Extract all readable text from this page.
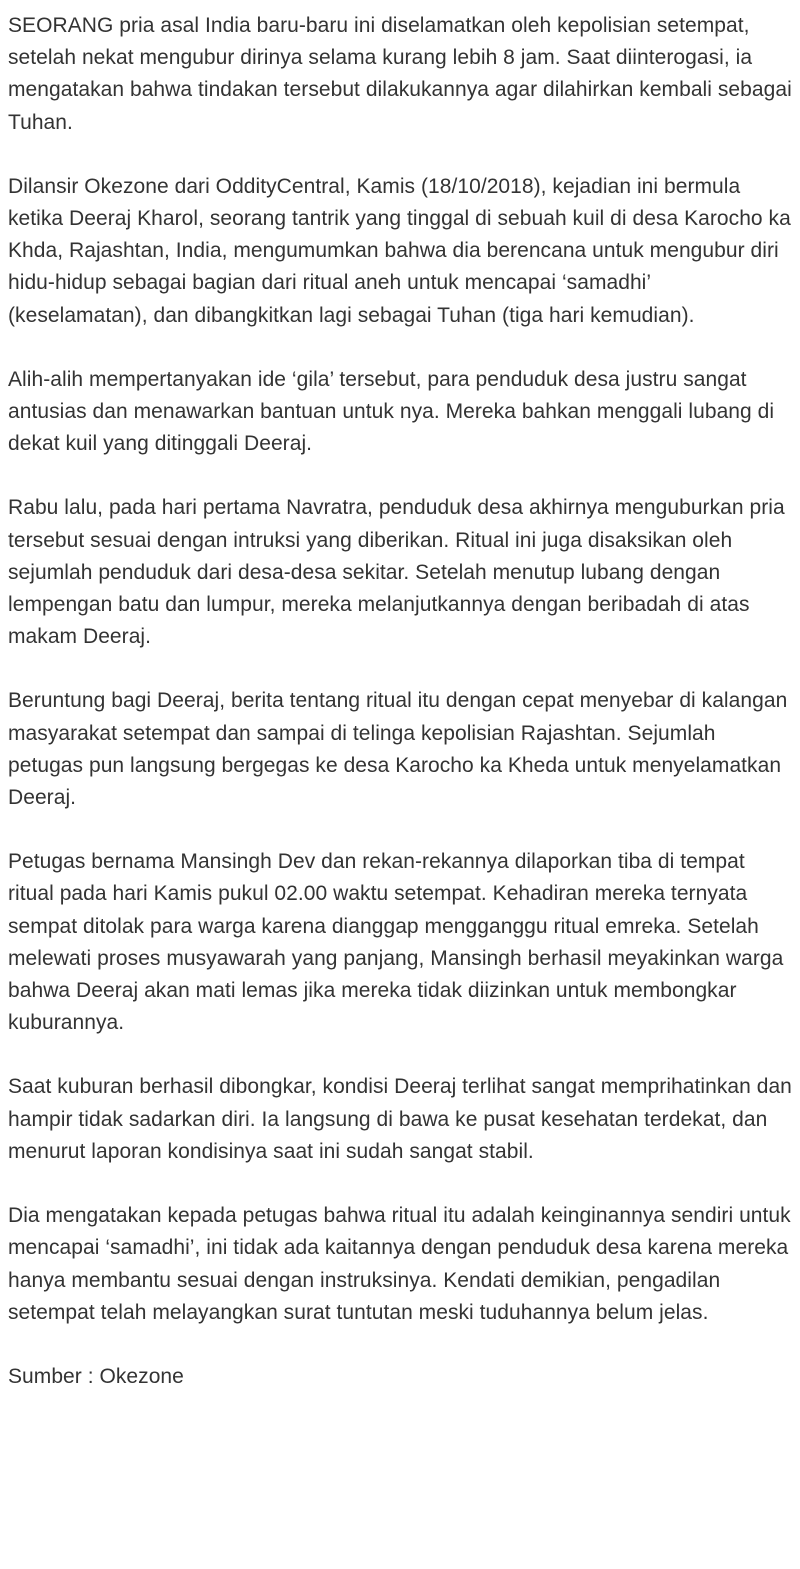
SEORANG pria asal India baru-baru ini diselamatkan oleh kepolisian setempat, setelah nekat mengubur dirinya selama kurang lebih 8 jam. Saat diinterogasi, ia mengatakan bahwa tindakan tersebut dilakukannya agar dilahirkan kembali sebagai Tuhan.

Dilansir Okezone dari OddityCentral, Kamis (18/10/2018), kejadian ini bermula ketika Deeraj Kharol, seorang tantrik yang tinggal di sebuah kuil di desa Karocho ka Khda, Rajashtan, India, mengumumkan bahwa dia berencana untuk mengubur diri hidu-hidup sebagai bagian dari ritual aneh untuk mencapai ‘samadhi’ (keselamatan), dan dibangkitkan lagi sebagai Tuhan (tiga hari kemudian).

Alih-alih mempertanyakan ide ‘gila’ tersebut, para penduduk desa justru sangat antusias dan menawarkan bantuan untuk nya. Mereka bahkan menggali lubang di dekat kuil yang ditinggali Deeraj.

Rabu lalu, pada hari pertama Navratra, penduduk desa akhirnya menguburkan pria tersebut sesuai dengan intruksi yang diberikan. Ritual ini juga disaksikan oleh sejumlah penduduk dari desa-desa sekitar. Setelah menutup lubang dengan lempengan batu dan lumpur, mereka melanjutkannya dengan beribadah di atas makam Deeraj.

Beruntung bagi Deeraj, berita tentang ritual itu dengan cepat menyebar di kalangan masyarakat setempat dan sampai di telinga kepolisian Rajashtan. Sejumlah petugas pun langsung bergegas ke desa Karocho ka Kheda untuk menyelamatkan Deeraj.

Petugas bernama Mansingh Dev dan rekan-rekannya dilaporkan tiba di tempat ritual pada hari Kamis pukul 02.00 waktu setempat. Kehadiran mereka ternyata sempat ditolak para warga karena dianggap mengganggu ritual emreka. Setelah melewati proses musyawarah yang panjang, Mansingh berhasil meyakinkan warga bahwa Deeraj akan mati lemas jika mereka tidak diizinkan untuk membongkar kuburannya.

Saat kuburan berhasil dibongkar, kondisi Deeraj terlihat sangat memprihatinkan dan hampir tidak sadarkan diri. Ia langsung di bawa ke pusat kesehatan terdekat, dan menurut laporan kondisinya saat ini sudah sangat stabil.

Dia mengatakan kepada petugas bahwa ritual itu adalah keinginannya sendiri untuk mencapai ‘samadhi’, ini tidak ada kaitannya dengan penduduk desa karena mereka hanya membantu sesuai dengan instruksinya. Kendati demikian, pengadilan setempat telah melayangkan surat tuntutan meski tuduhannya belum jelas.

Sumber : Okezone
